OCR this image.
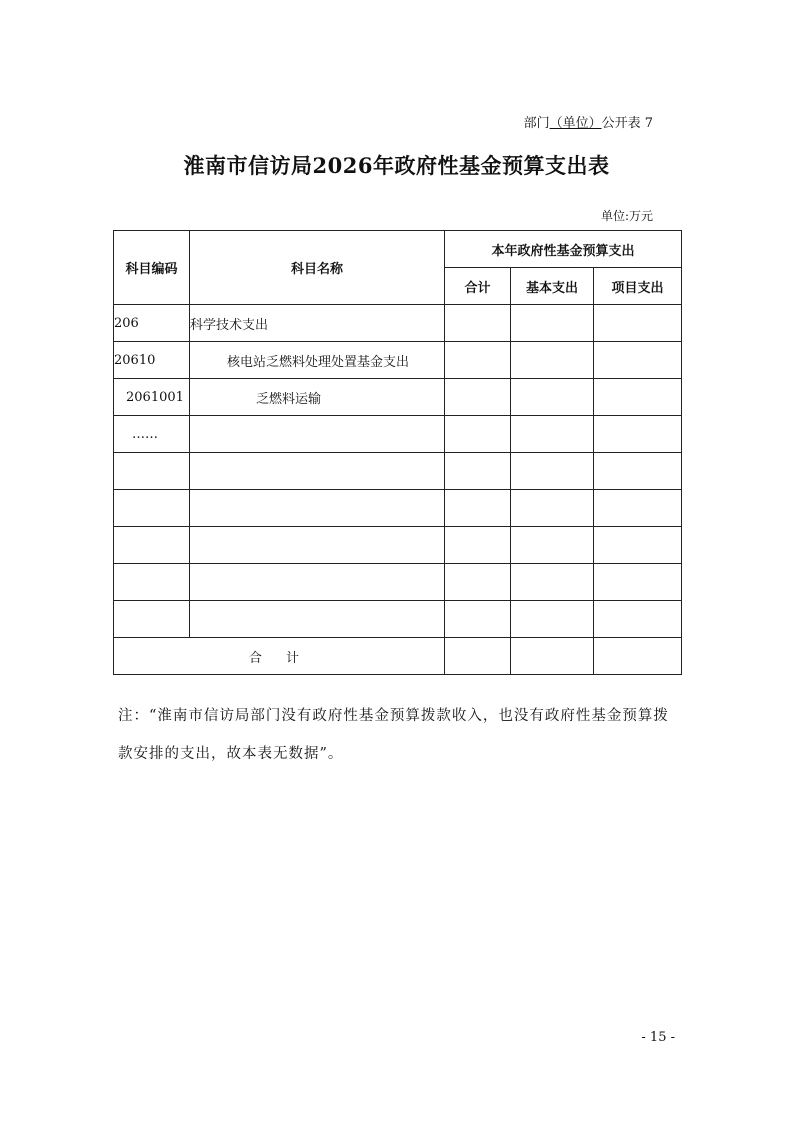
部门（单位）公开表 7
淮南市信访局2026年政府性基金预算支出表
单位:万元
科目编码	科目名称	本年政府性基金预算支出		
		合计	基本支出	项目支出
206	科学技术支出			
20610	核电站乏燃料处理处置基金支出			
2061001	乏燃料运输			
……				

合 计				
注：“淮南市信访局部门没有政府性基金预算拨款收入，也没有政府性基金预算拨款安排的支出，故本表无数据”。
- 15 -
